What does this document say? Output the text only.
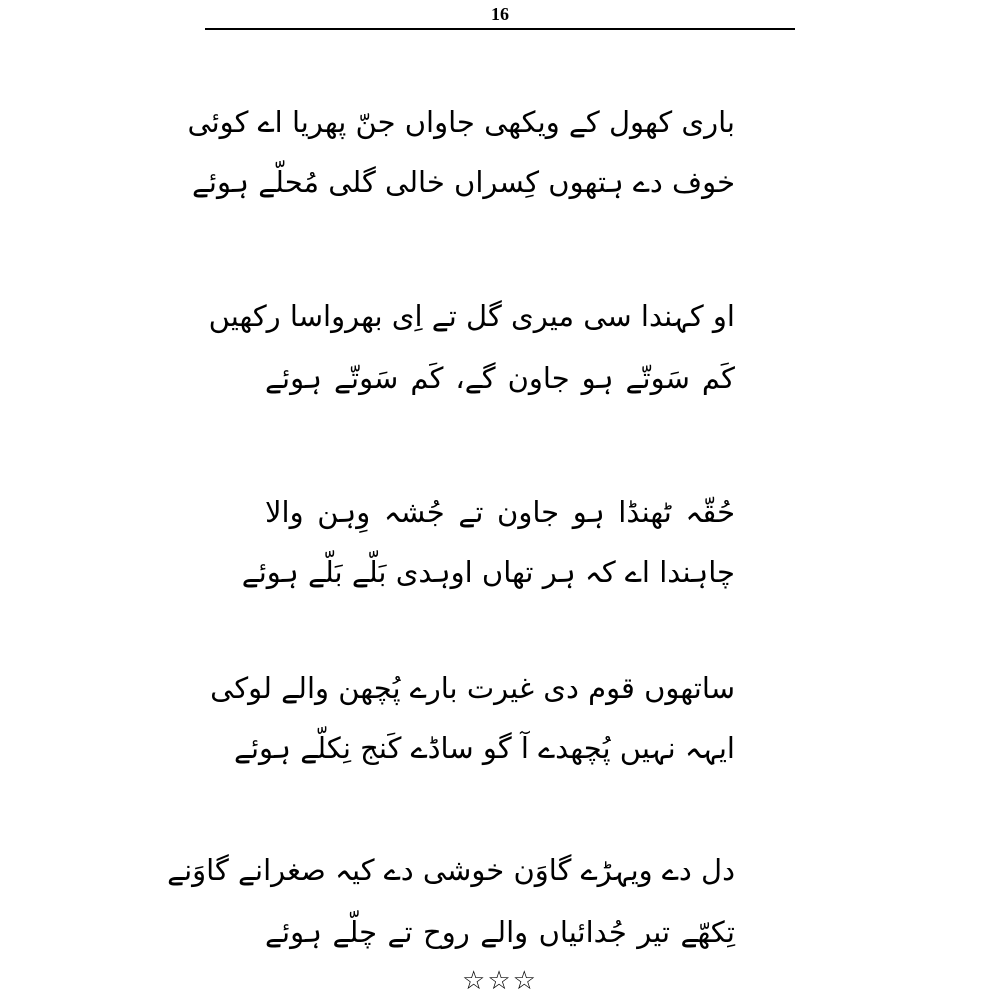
16
باری کھول کے ویکھی جاواں جنّ پھریا اے کوئی
خوف دے ہتھوں کِسراں خالی گلی مُحلّے ہوئے
او کہندا سی میری گل تے اِی بھرواسا رکھیں
کَم سَوتّے ہو جاون گے، کَم سَوتّے ہوئے
حُقّہ ٹھنڈا ہو جاون تے جُشہ وِہن والا
چاہندا اے کہ ہر تھاں اوہدی بَلّے بَلّے ہوئے
ساتھوں قوم دی غیرت بارے پُچھن والے لوکی
ایہہ نہیں پُچھدے آ گو ساڈے کَنج نِکلّے ہوئے
دل دے ویہڑے گاوَن خوشی دے کیہ صغرانے گاوَنے
تِکھّے تیر جُدائیاں والے روح تے چلّے ہوئے
☆☆☆
